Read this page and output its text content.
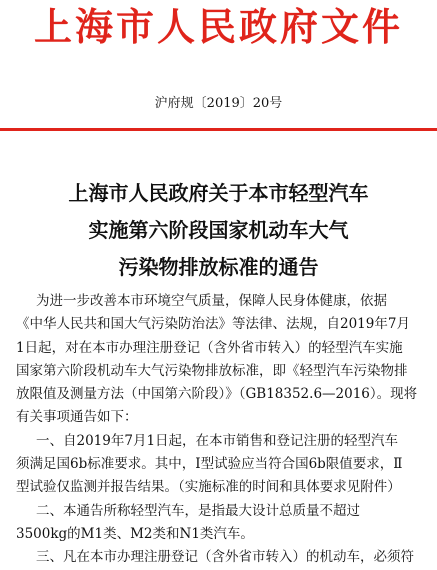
上海市人民政府文件
沪府规〔2019〕20号
上海市人民政府关于本市轻型汽车
实施第六阶段国家机动车大气
污染物排放标准的通告
为进一步改善本市环境空气质量，保障人民身体健康，依据
《中华人民共和国大气污染防治法》等法律、法规，自2019年7月
1日起，对在本市办理注册登记（含外省市转入）的轻型汽车实施
国家第六阶段机动车大气污染物排放标准，即《轻型汽车污染物排
放限值及测量方法（中国第六阶段）》（GB18352.6—2016）。现将
有关事项通告如下：
一、自2019年7月1日起，在本市销售和登记注册的轻型汽车
须满足国6b标准要求。其中，Ⅰ型试验应当符合国6b限值要求，Ⅱ
型试验仅监测并报告结果。（实施标准的时间和具体要求见附件）
二、本通告所称轻型汽车，是指最大设计总质量不超过
3500kg的M1类、M2类和N1类汽车。
三、凡在本市办理注册登记（含外省市转入）的机动车，必须符
